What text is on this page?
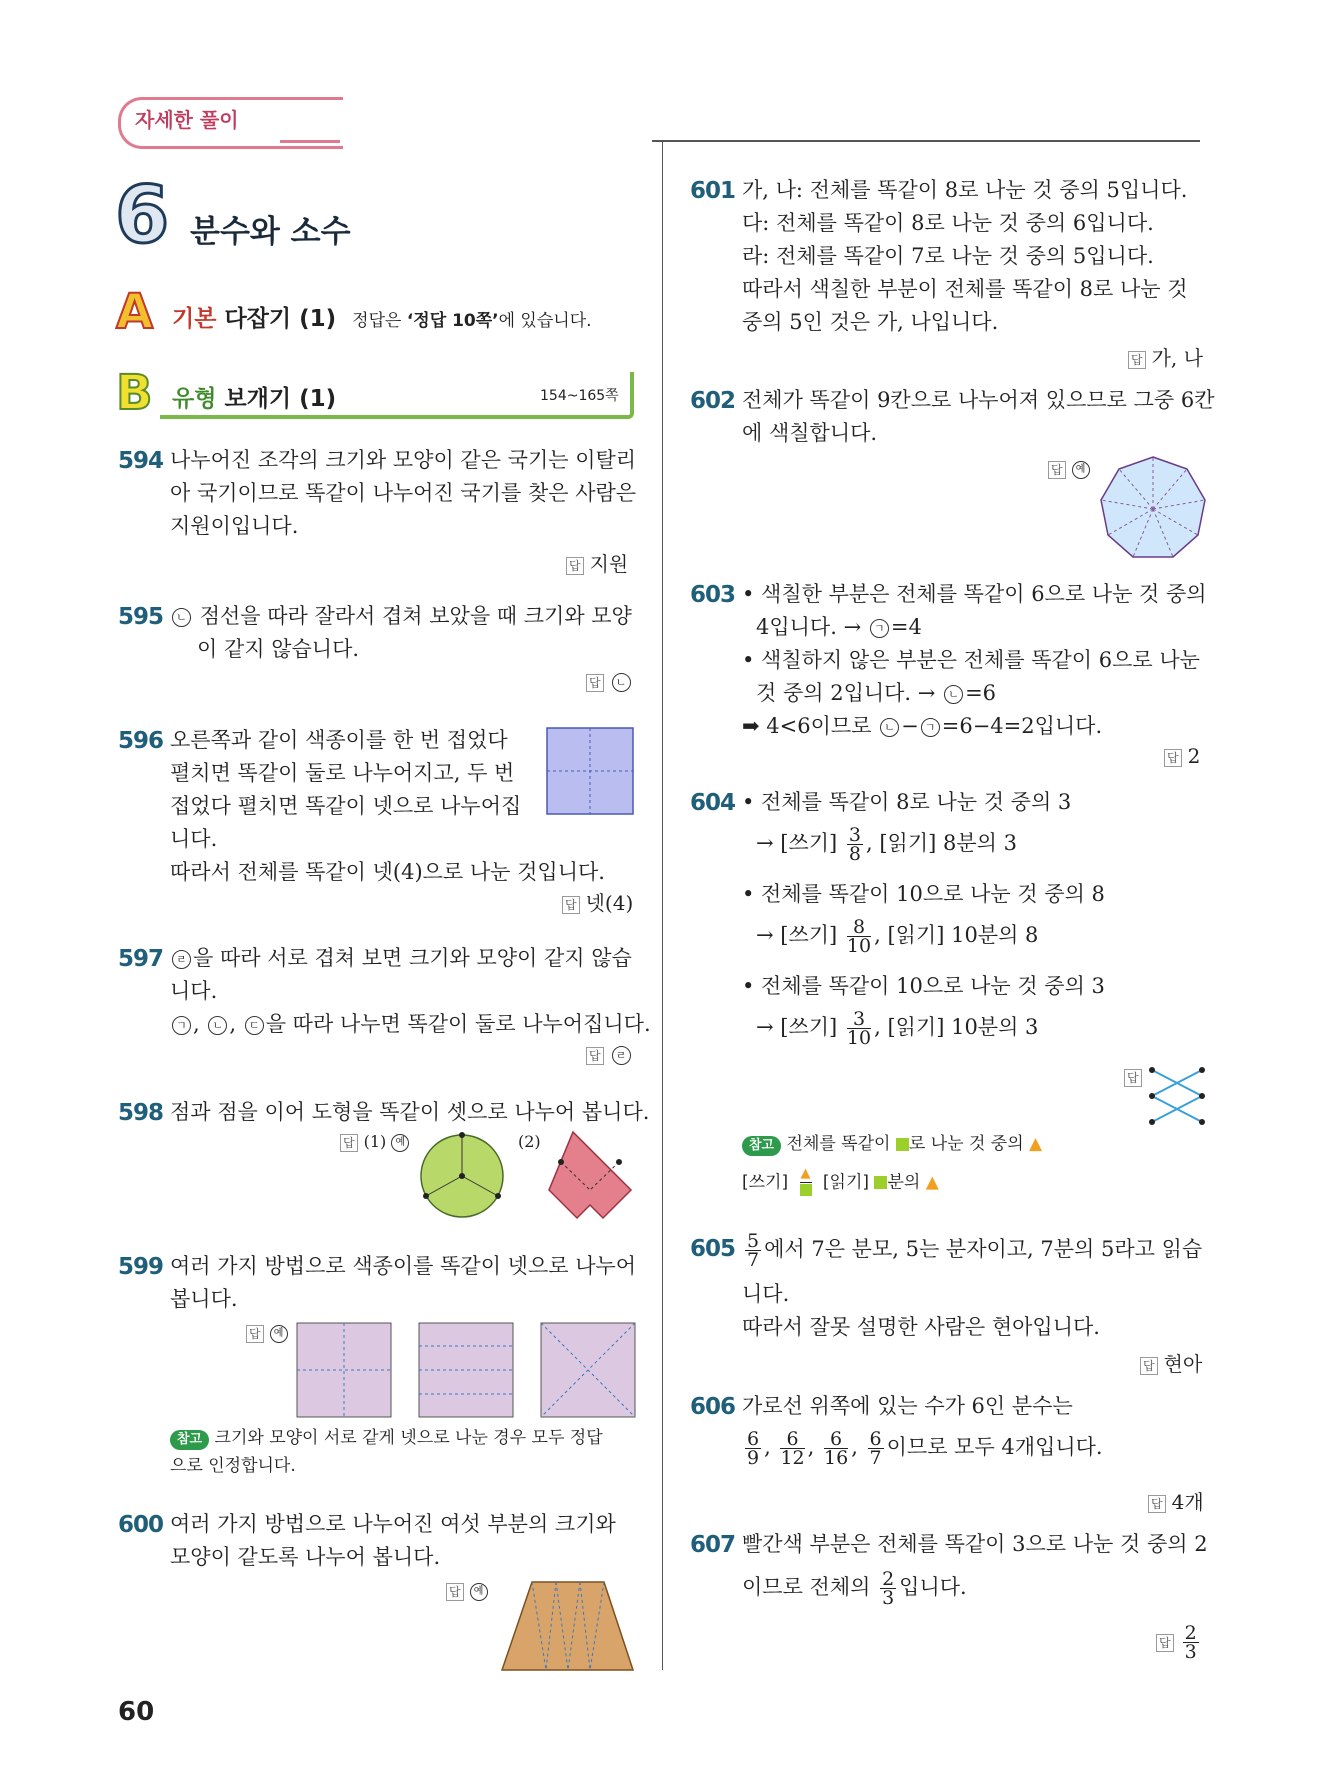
자세한 풀이
6 분수와 소수
A 기본 다잡기 (1) 정답은 ‘정답 10쪽’에 있습니다.
B 유형 보개기 (1)	154~165쪽
594 나누어진 조각의 크기와 모양이 같은 국기는 이탈리
아 국기이므로 똑같이 나누어진 국기를 찾은 사람은
지원이입니다.
답 지원
595	ㄴ 점선을 따라 잘라서 겹쳐 보았을 때 크기와 모양
이 같지 않습니다.
답 ㄴ
596 오른쪽과 같이 색종이를 한 번 접었다
펼치면 똑같이 둘로 나누어지고, 두 번
접었다 펼치면 똑같이 넷으로 나누어집
니다.
따라서 전체를 똑같이 넷(4)으로 나눈 것입니다.
답 넷(4)
597	ㄹ 을 따라 서로 겹쳐 보면 크기와 모양이 같지 않습
니다.
ㄱ , ㄴ , ㄷ 을 따라 나누면 똑같이 둘로 나누어집니다.
답 ㄹ
598 점과 점을 이어 도형을 똑같이 셋으로 나누어 봅니다.
답 (1) 예	(2)
599 여러 가지 방법으로 색종이를 똑같이 넷으로 나누어
봅니다.
답 예
참고 크기와 모양이 서로 같게 넷으로 나눈 경우 모두 정답
으로 인정합니다.
600 여러 가지 방법으로 나누어진 여섯 부분의 크기와
모양이 같도록 나누어 봅니다.
답 예
60
601 가, 나: 전체를 똑같이 8로 나눈 것 중의 5입니다.
다: 전체를 똑같이 8로 나눈 것 중의 6입니다.
라: 전체를 똑같이 7로 나눈 것 중의 5입니다.
따라서 색칠한 부분이 전체를 똑같이 8로 나눈 것
중의 5인 것은 가, 나입니다.
답 가, 나
602 전체가 똑같이 9칸으로 나누어져 있으므로 그중 6칸
에 색칠합니다.
답 예
603 • 색칠한 부분은 전체를 똑같이 6으로 나눈 것 중의
4입니다. → ㄱ =4
• 색칠하지 않은 부분은 전체를 똑같이 6으로 나눈
것 중의 2입니다. → ㄴ =6
➡ 4<6이므로 ㄴ − ㄱ =6−4=2입니다.
답 2
604 • 전체를 똑같이 8로 나눈 것 중의 3
→ [쓰기] $\frac{3}{8}$ , [읽기] 8분의 3
• 전체를 똑같이 10으로 나눈 것 중의 8
→ [쓰기] $\frac{8}{10}$ , [읽기] 10분의 8
• 전체를 똑같이 10으로 나눈 것 중의 3
→ [쓰기] $\frac{3}{10}$ , [읽기] 10분의 3
답
참고 전체를 똑같이 로 나눈 것 중의 ▲
[쓰기] ▲ [읽기] 분의 ▲
$605 \frac{5}{7}$ 에서 7은 분모, 5는 분자이고, 7분의 5라고 읽습
니다.
따라서 잘못 설명한 사람은 현아입니다.
답 현아
606 가로선 위쪽에 있는 수가 6인 분수는
$\frac{6}{9}$ , $\frac{6}{12}$ , $\frac{6}{16}$ , $\frac{6}{7}$ 이므로 모두 4개입니다.
답 4개
607 빨간색 부분은 전체를 똑같이 3으로 나눈 것 중의 2
이므로 전체의 $\frac{2}{3}$ 입니다.
답 $\frac{2}{3}$
